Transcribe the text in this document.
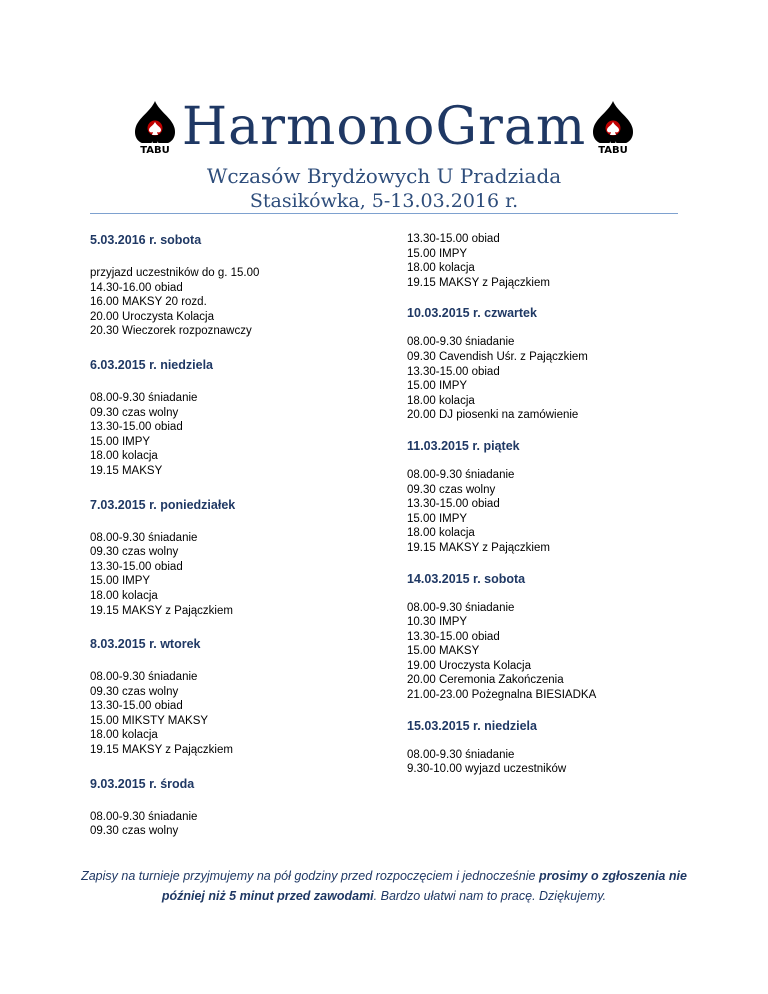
TABU HarmonoGram TABU
Wczasów Brydżowych U Pradziada
Stasikówka, 5-13.03.2016 r.
5.03.2016 r. sobota
przyjazd uczestników do g. 15.00
14.30-16.00 obiad
16.00 MAKSY 20 rozd.
20.00 Uroczysta Kolacja
20.30 Wieczorek rozpoznawczy
6.03.2015 r. niedziela
08.00-9.30 śniadanie
09.30 czas wolny
13.30-15.00 obiad
15.00 IMPY
18.00 kolacja
19.15 MAKSY
7.03.2015 r. poniedziałek
08.00-9.30 śniadanie
09.30 czas wolny
13.30-15.00 obiad
15.00 IMPY
18.00 kolacja
19.15 MAKSY z Pajączkiem
8.03.2015 r. wtorek
08.00-9.30 śniadanie
09.30 czas wolny
13.30-15.00 obiad
15.00 MIKSTY MAKSY
18.00 kolacja
19.15 MAKSY z Pajączkiem
9.03.2015 r. środa
08.00-9.30 śniadanie
09.30 czas wolny
13.30-15.00 obiad
15.00 IMPY
18.00 kolacja
19.15 MAKSY z Pajączkiem
10.03.2015 r. czwartek
08.00-9.30 śniadanie
09.30 Cavendish Uśr. z Pajączkiem
13.30-15.00 obiad
15.00 IMPY
18.00 kolacja
20.00 DJ piosenki na zamówienie
11.03.2015 r. piątek
08.00-9.30 śniadanie
09.30 czas wolny
13.30-15.00 obiad
15.00 IMPY
18.00 kolacja
19.15 MAKSY z Pajączkiem
14.03.2015 r. sobota
08.00-9.30 śniadanie
10.30 IMPY
13.30-15.00 obiad
15.00 MAKSY
19.00 Uroczysta Kolacja
20.00 Ceremonia Zakończenia
21.00-23.00 Pożegnalna BIESIADKA
15.03.2015 r. niedziela
08.00-9.30 śniadanie
9.30-10.00 wyjazd uczestników
Zapisy na turnieje przyjmujemy na pół godziny przed rozpoczęciem i jednocześnie prosimy o zgłoszenia nie później niż 5 minut przed zawodami. Bardzo ułatwi nam to pracę. Dziękujemy.
